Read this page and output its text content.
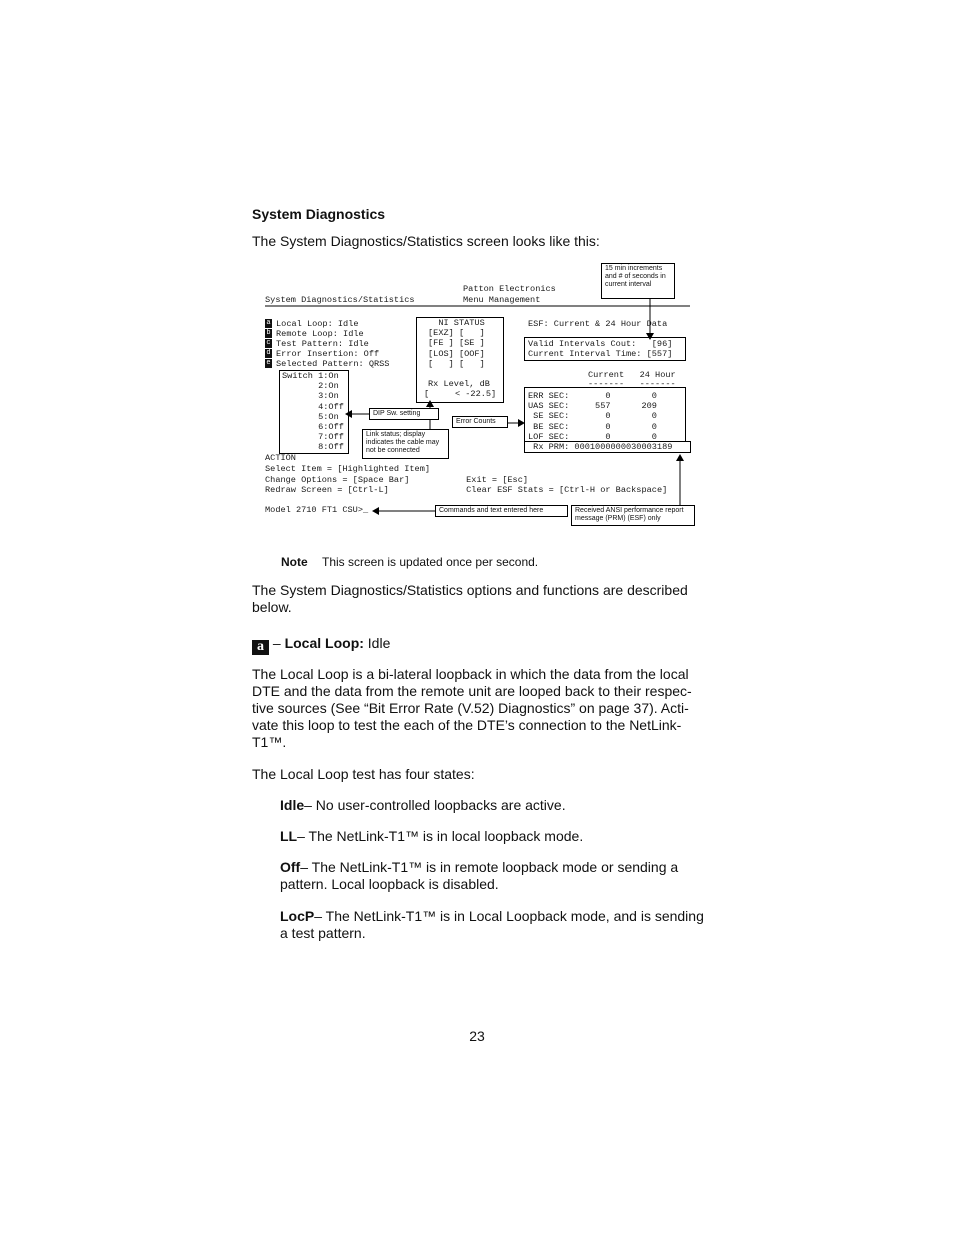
System Diagnostics
The System Diagnostics/Statistics screen looks like this:
System Diagnostics/Statistics
Patton Electronics
Menu Management
a
b
c
d
e
Local Loop: Idle
Remote Loop: Idle
Test Pattern: Idle
Error Insertion: Off
Selected Pattern: QRSS
Switch 1:On
2:On
3:On
4:Off
5:On
6:Off
7:Off
8:Off
NI STATUS
[EXZ] [   ]
[FE ] [SE ]
[LOS] [OOF]
[   ] [   ]
Rx Level, dB
[     < -22.5]
ESF: Current & 24 Hour Data
Valid Intervals Cout:   [96]
Current Interval Time: [557]
Current   24 Hour
-------   -------
ERR SEC:       0        0
UAS SEC:     557      209
SE SEC:       0        0
BE SEC:       0        0
LOF SEC:       0        0
Rx PRM: 0001000000030003189
ACTION
Select Item = [Highlighted Item]
Change Options = [Space Bar]           Exit = [Esc]
Redraw Screen = [Ctrl-L]               Clear ESF Stats = [Ctrl-H or Backspace]
Model 2710 FT1 CSU>_
15 min increments and # of seconds in current interval
DIP Sw. setting
Error Counts
Link status; display indicates the cable may not be connected
Commands and text entered here	Received ANSI performance report message (PRM) (ESF) only
Note This screen is updated once per second.
The System Diagnostics/Statistics options and functions are described below.
a – Local Loop: Idle
The Local Loop is a bi-lateral loopback in which the data from the local DTE and the data from the remote unit are looped back to their respec-tive sources (See “Bit Error Rate (V.52) Diagnostics” on page 37). Acti-vate this loop to test the each of the DTE’s connection to the NetLink-T1™.
The Local Loop test has four states:
Idle– No user-controlled loopbacks are active.
LL– The NetLink-T1™ is in local loopback mode.
Off– The NetLink-T1™ is in remote loopback mode or sending a pattern. Local loopback is disabled.
LocP– The NetLink-T1™ is in Local Loopback mode, and is sending a test pattern.
23
